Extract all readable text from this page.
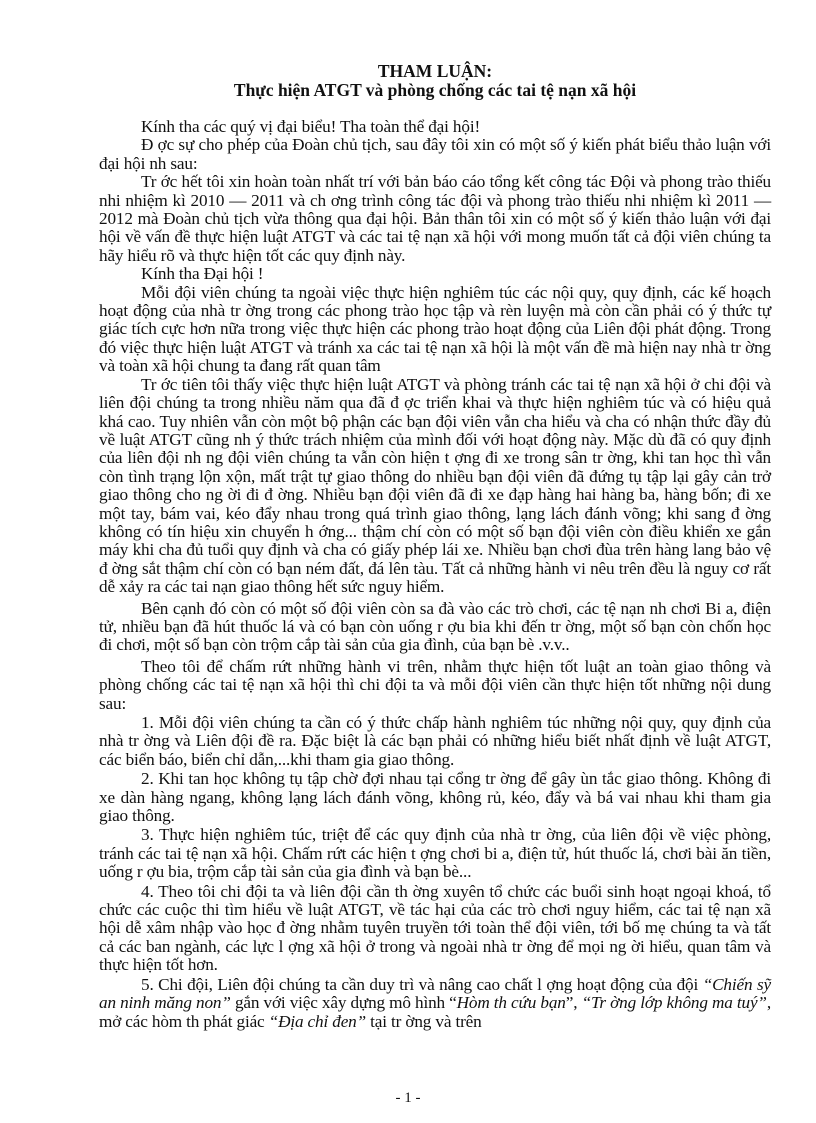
THAM LUẬN:
Thực hiện ATGT và phòng chống các tai tệ nạn xã hội

Kính tha các quý vị đại biểu! Tha toàn thể đại hội!

Đ ợc sự cho phép của Đoàn chủ tịch, sau đây tôi xin có một số ý kiến phát biểu thảo luận với đại hội nh sau:

Tr ớc hết tôi xin hoàn toàn nhất trí với bản báo cáo tổng kết công tác Đội và phong trào thiếu nhi nhiệm kì 2010 — 2011 và ch ơng trình công tác đội và phong trào thiếu nhi nhiệm kì 2011 — 2012 mà Đoàn chủ tịch vừa thông qua đại hội. Bản thân tôi xin có một số ý kiến thảo luận với đại hội về vấn đề thực hiện luật ATGT và các tai tệ nạn xã hội với mong muốn tất cả đội viên chúng ta hãy hiểu rõ và thực hiện tốt các quy định này.

Kính tha Đại hội !

Mỗi đội viên chúng ta ngoài việc thực hiện nghiêm túc các nội quy, quy định, các kế hoạch hoạt động của nhà tr ờng trong các phong trào học tập và rèn luyện mà còn cần phải có ý thức tự giác tích cực hơn nữa trong việc thực hiện các phong trào hoạt động của Liên đội phát động. Trong đó việc thực hiện luật ATGT và tránh xa các tai tệ nạn xã hội là một vấn đề mà hiện nay nhà tr ờng và toàn xã hội chung ta đang rất quan tâm

Tr ớc tiên tôi thấy việc thực hiện luật ATGT và phòng tránh các tai tệ nạn xã hội ở chi đội và liên đội chúng ta trong nhiều năm qua đã đ ợc triển khai và thực hiện nghiêm túc và có hiệu quả khá cao. Tuy nhiên vẫn còn một bộ phận các bạn đội viên vẫn cha hiểu và cha có nhận thức đầy đủ về luật ATGT cũng nh ý thức trách nhiệm của mình đối với hoạt động này. Mặc dù đã có quy định của liên đội nh ng đội viên chúng ta vẫn còn hiện t ợng đi xe trong sân tr ờng, khi tan học thì vẫn còn tình trạng lộn xộn, mất trật tự giao thông do nhiều bạn đội viên đã đứng tụ tập lại gây cản trở giao thông cho ng ời đi đ ờng. Nhiều bạn đội viên đã đi xe đạp hàng hai hàng ba, hàng bốn; đi xe một tay, bám vai, kéo đẩy nhau trong quá trình giao thông, lạng lách đánh võng; khi sang đ ờng không có tín hiệu xin chuyển h ớng... thậm chí còn có một số bạn đội viên còn điều khiển xe gắn máy khi cha đủ tuổi quy định và cha có giấy phép lái xe. Nhiều bạn chơi đùa trên hàng lang bảo vệ đ ờng sắt thậm chí còn có bạn ném đất, đá lên tàu. Tất cả những hành vi nêu trên đều là nguy cơ rất dễ xảy ra các tai nạn giao thông hết sức nguy hiểm.

Bên cạnh đó còn có một số đội viên còn sa đà vào các trò chơi, các tệ nạn nh chơi Bi a, điện tử, nhiều bạn đã hút thuốc lá và có bạn còn uống r ợu bia khi đến tr ờng, một số bạn còn chốn học đi chơi, một số bạn còn trộm cắp tài sản của gia đình, của bạn bè .v.v..

Theo tôi để chấm rứt những hành vi trên, nhằm thực hiện tốt luật an toàn giao thông và phòng chống các tai tệ nạn xã hội thì chi đội ta và mỗi đội viên cần thực hiện tốt những nội dung sau:

1. Mỗi đội viên chúng ta cần có ý thức chấp hành nghiêm túc những nội quy, quy định của nhà tr ờng và Liên đội đề ra. Đặc biệt là các bạn phải có những hiểu biết nhất định về luật ATGT, các biển báo, biển chỉ dẫn,...khi tham gia giao thông.

2. Khi tan học không tụ tập chờ đợi nhau tại cổng tr ờng để gây ùn tắc giao thông. Không đi xe dàn hàng ngang, không lạng lách đánh võng, không rủ, kéo, đẩy và bá vai nhau khi tham gia giao thông.

3. Thực hiện nghiêm túc, triệt để các quy định của nhà tr ờng, của liên đội về việc phòng, tránh các tai tệ nạn xã hội. Chấm rứt các hiện t ợng chơi bi a, điện tử, hút thuốc lá, chơi bài ăn tiền, uống r ợu bia, trộm cắp tài sản của gia đình và bạn bè...

4. Theo tôi chi đội ta và liên đội cần th ờng xuyên tổ chức các buổi sinh hoạt ngoại khoá, tổ chức các cuộc thi tìm hiểu về luật ATGT, về tác hại của các trò chơi nguy hiểm, các tai tệ nạn xã hội dễ xâm nhập vào học đ ờng nhằm tuyên truyền tới toàn thể đội viên, tới bố mẹ chúng ta và tất cả các ban ngành, các lực l ợng xã hội ở trong và ngoài nhà tr ờng để mọi ng ời hiểu, quan tâm và thực hiện tốt hơn.

5. Chi đội, Liên đội chúng ta cần duy trì và nâng cao chất l ợng hoạt động của đội “Chiến sỹ an ninh măng non” gắn với việc xây dựng mô hình “Hòm th cứu bạn”, “Tr ờng lớp không ma tuý”, mở các hòm th phát giác “Địa chỉ đen” tại tr ờng và trên

- 1 -
